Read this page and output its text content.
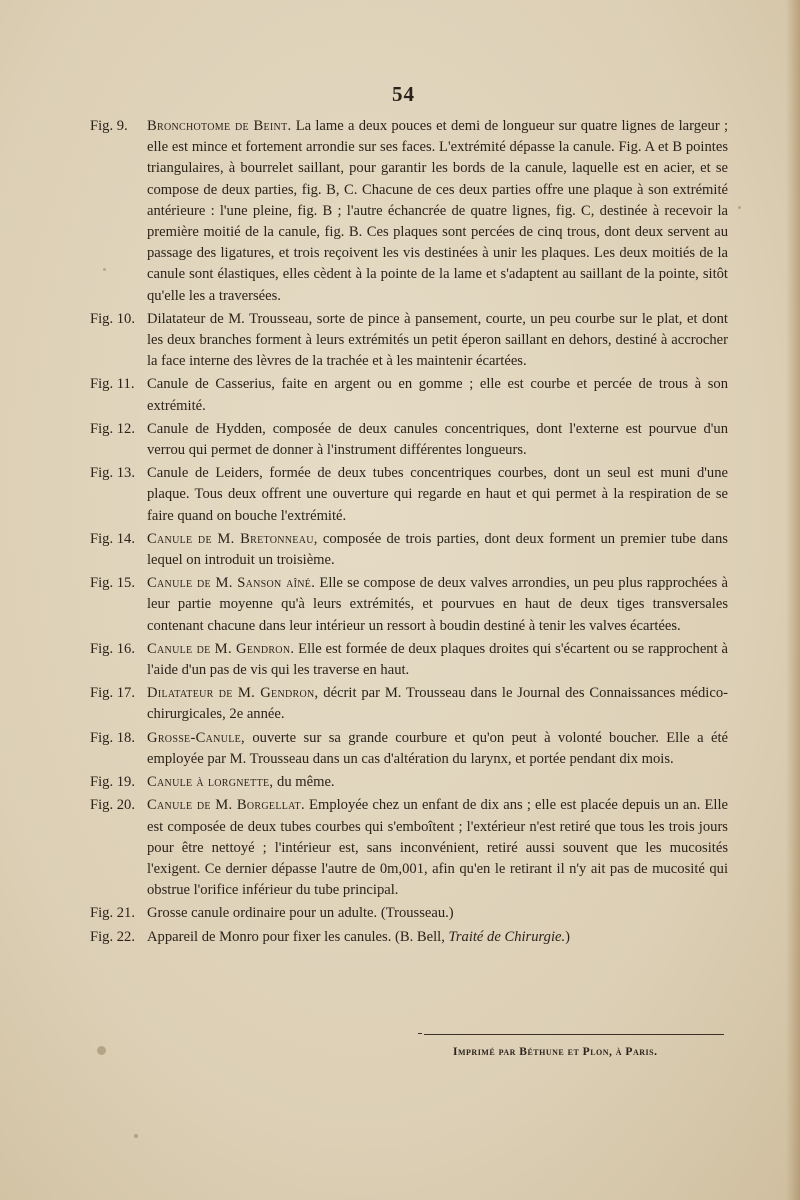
54
Fig. 9.	Bronchotome de Beint. La lame a deux pouces et demi de longueur sur quatre lignes de largeur ; elle est mince et fortement arrondie sur ses faces. L'extrémité dépasse la canule. Fig. A et B pointes triangulaires, à bourrelet saillant, pour garantir les bords de la canule, laquelle est en acier, et se compose de deux parties, fig. B, C. Chacune de ces deux parties offre une plaque à son extrémité antérieure : l'une pleine, fig. B ; l'autre échancrée de quatre lignes, fig. C, destinée à recevoir la première moitié de la canule, fig. B. Ces plaques sont percées de cinq trous, dont deux servent au passage des ligatures, et trois reçoivent les vis destinées à unir les plaques. Les deux moitiés de la canule sont élastiques, elles cèdent à la pointe de la lame et s'adaptent au saillant de la pointe, sitôt qu'elle les a traversées.
Fig. 10. Dilatateur de M. Trousseau, sorte de pince à pansement, courte, un peu courbe sur le plat, et dont les deux branches forment à leurs extrémités un petit éperon saillant en dehors, destiné à accrocher la face interne des lèvres de la trachée et à les maintenir écartées.
Fig. 11. Canule de Casserius, faite en argent ou en gomme ; elle est courbe et percée de trous à son extrémité.
Fig. 12. Canule de Hydden, composée de deux canules concentriques, dont l'externe est pourvue d'un verrou qui permet de donner à l'instrument différentes longueurs.
Fig. 13. Canule de Leiders, formée de deux tubes concentriques courbes, dont un seul est muni d'une plaque. Tous deux offrent une ouverture qui regarde en haut et qui permet à la respiration de se faire quand on bouche l'extrémité.
Fig. 14. Canule de M. Bretonneau, composée de trois parties, dont deux forment un premier tube dans lequel on introduit un troisième.
Fig. 15. Canule de M. Sanson aîné. Elle se compose de deux valves arrondies, un peu plus rapprochées à leur partie moyenne qu'à leurs extrémités, et pourvues en haut de deux tiges transversales contenant chacune dans leur intérieur un ressort à boudin destiné à tenir les valves écartées.
Fig. 16. Canule de M. Gendron. Elle est formée de deux plaques droites qui s'écartent ou se rapprochent à l'aide d'un pas de vis qui les traverse en haut.
Fig. 17. Dilatateur de M. Gendron, décrit par M. Trousseau dans le Journal des Connaissances médico-chirurgicales, 2e année.
Fig. 18. Grosse-Canule, ouverte sur sa grande courbure et qu'on peut à volonté boucher. Elle a été employée par M. Trousseau dans un cas d'altération du larynx, et portée pendant dix mois.
Fig. 19. Canule à lorgnette, du même.
Fig. 20. Canule de M. Borgellat. Employée chez un enfant de dix ans ; elle est placée depuis un an. Elle est composée de deux tubes courbes qui s'emboîtent ; l'extérieur n'est retiré que tous les trois jours pour être nettoyé ; l'intérieur est, sans inconvénient, retiré aussi souvent que les mucosités l'exigent. Ce dernier dépasse l'autre de 0m,001, afin qu'en le retirant il n'y ait pas de mucosité qui obstrue l'orifice inférieur du tube principal.
Fig. 21. Grosse canule ordinaire pour un adulte. (Trousseau.)
Fig. 22. Appareil de Monro pour fixer les canules. (B. Bell, Traité de Chirurgie.)
Imprimé par Béthune et Plon, à Paris.
